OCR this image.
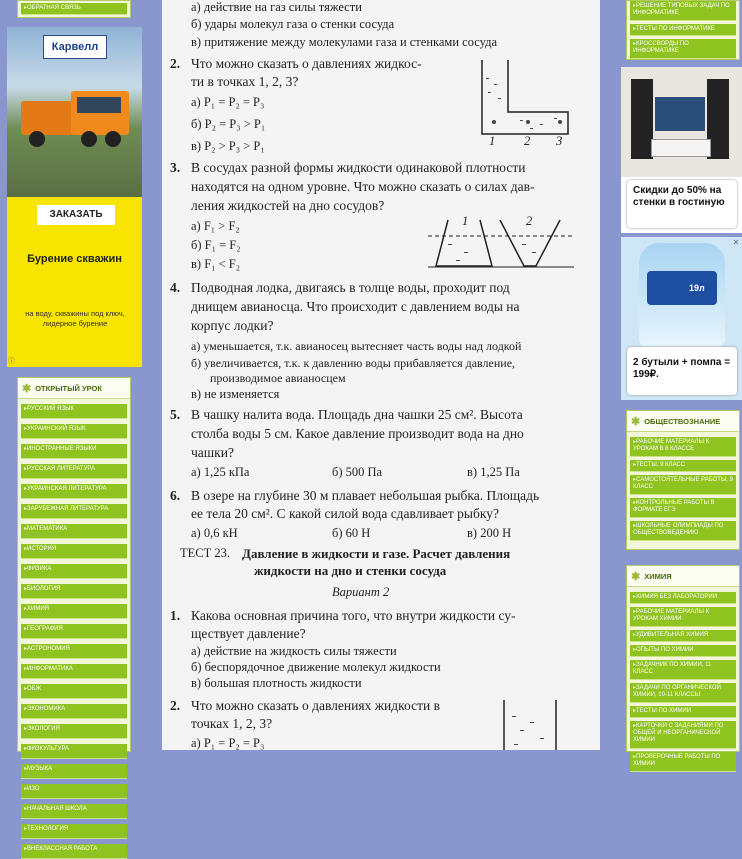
▸ ОБРАТНАЯ СВЯЗЬ
Карвелл
ЗАКАЗАТЬ
Бурение скважин
на воду, скважины под ключ, лидерное бурение
ⓘ
✱ ОТКРЫТЫЙ УРОК
▸ РУССКИЙ ЯЗЫК
▸ УКРАИНСКИЙ ЯЗЫК
▸ ИНОСТРАННЫЕ ЯЗЫКИ
▸ РУССКАЯ ЛИТЕРАТУРА
▸ УКРАИНСКАЯ ЛИТЕРАТУРА
▸ ЗАРУБЕЖНАЯ ЛИТЕРАТУРА
▸ МАТЕМАТИКА
▸ ИСТОРИЯ
▸ ФИЗИКА
▸ БИОЛОГИЯ
▸ ХИМИЯ
▸ ГЕОГРАФИЯ
▸ АСТРОНОМИЯ
▸ ИНФОРМАТИКА
▸ ОБЖ
▸ ЭКОНОМИКА
▸ ЭКОЛОГИЯ
▸ ФИЗКУЛЬТУРА
▸ МУЗЫКА
▸ ИЗО
▸ НАЧАЛЬНАЯ ШКОЛА
▸ ТЕХНОЛОГИЯ
▸ ВНЕКЛАССНАЯ РАБОТА

а) действие на газ силы тяжести

б) удары молекул газа о стенки сосуда

в) притяжение между молекулами газа и стенками сосуда

2. Что можно сказать о давлениях жидкос-

ти в точках 1, 2, 3?

а) P₁ = P₂ = P₃

б) P₂ = P₃ > P₁

в) P₂ > P₃ > P₁	1 2 3

3. В сосудах разной формы жидкости одинаковой плотности

находятся на одном уровне. Что можно сказать о силах дав-

ления жидкостей на дно сосудов?

а) F₁ > F₂

б) F₁ = F₂

в) F₁ < F₂

1	2

4. Подводная лодка, двигаясь в толще воды, проходит под

днищем авианосца. Что происходит с давлением воды на

корпус лодки?

а) уменьшается, т.к. авианосец вытесняет часть воды над лодкой

б) увеличивается, т.к. к давлению воды прибавляется давление,

производимое авианосцем

в) не изменяется

5. В чашку налита вода. Площадь дна чашки 25 см². Высота

столба воды 5 см. Какое давление производит вода на дно

чашки?

а) 1,25 кПа	б) 500 Па	в) 1,25 Па

6. В озере на глубине 30 м плавает небольшая рыбка. Площадь

ее тела 20 см². С какой силой вода сдавливает рыбку?

а) 0,6 кН	б) 60 Н	в) 200 Н

ТЕСТ 23. Давление в жидкости и газе. Расчет давления

жидкости на дно и стенки сосуда

Вариант 2

1. Какова основная причина того, что внутри жидкости су-

ществует давление?

а) действие на жидкость силы тяжести

б) беспорядочное движение молекул жидкости

в) большая плотность жидкости

2. Что можно сказать о давлениях жидкости в

точках 1, 2, 3?

а) P₁ = P₂ = P₃

▸ РЕШЕНИЕ ТИПОВЫХ ЗАДАЧ ПО ИНФОРМАТИКЕ
▸ ТЕСТЫ ПО ИНФОРМАТИКЕ
▸ КРОССВОРДЫ ПО ИНФОРМАТИКЕ
Скидки до 50% на стенки в гостиную
✕
19л
2 бутыли + помпа = 199₽.
✱ ОБЩЕСТВОЗНАНИЕ
▸ РАБОЧИЕ МАТЕРИАЛЫ К УРОКАМ В 8 КЛАССЕ
▸ ТЕСТЫ, 9 КЛАСС
▸ САМОСТОЯТЕЛЬНЫЕ РАБОТЫ, 9 КЛАСС
▸ КОНТРОЛЬНЫЕ РАБОТЫ В ФОРМАТЕ ЕГЭ
▸ ШКОЛЬНЫЕ ОЛИМПИАДЫ ПО ОБЩЕСТВОВЕДЕНИЮ
✱ ХИМИЯ
▸ ХИМИЯ БЕЗ ЛАБОРАТОРИИ
▸ РАБОЧИЕ МАТЕРИАЛЫ К УРОКАМ ХИМИИ
▸ УДИВИТЕЛЬНАЯ ХИМИЯ
▸ ОПЫТЫ ПО ХИМИИ
▸ ЗАДАЧНИК ПО ХИМИИ, 11 КЛАСС
▸ ЗАДАЧИ ПО ОРГАНИЧЕСКОЙ ХИМИИ, 10-11 КЛАССЫ
▸ ТЕСТЫ ПО ХИМИИ
▸ КАРТОЧКИ С ЗАДАНИЯМИ ПО ОБЩЕЙ И НЕОРГАНИЧЕСКОЙ ХИМИИ
▸ ПРОВЕРОЧНЫЕ РАБОТЫ ПО ХИМИИ
